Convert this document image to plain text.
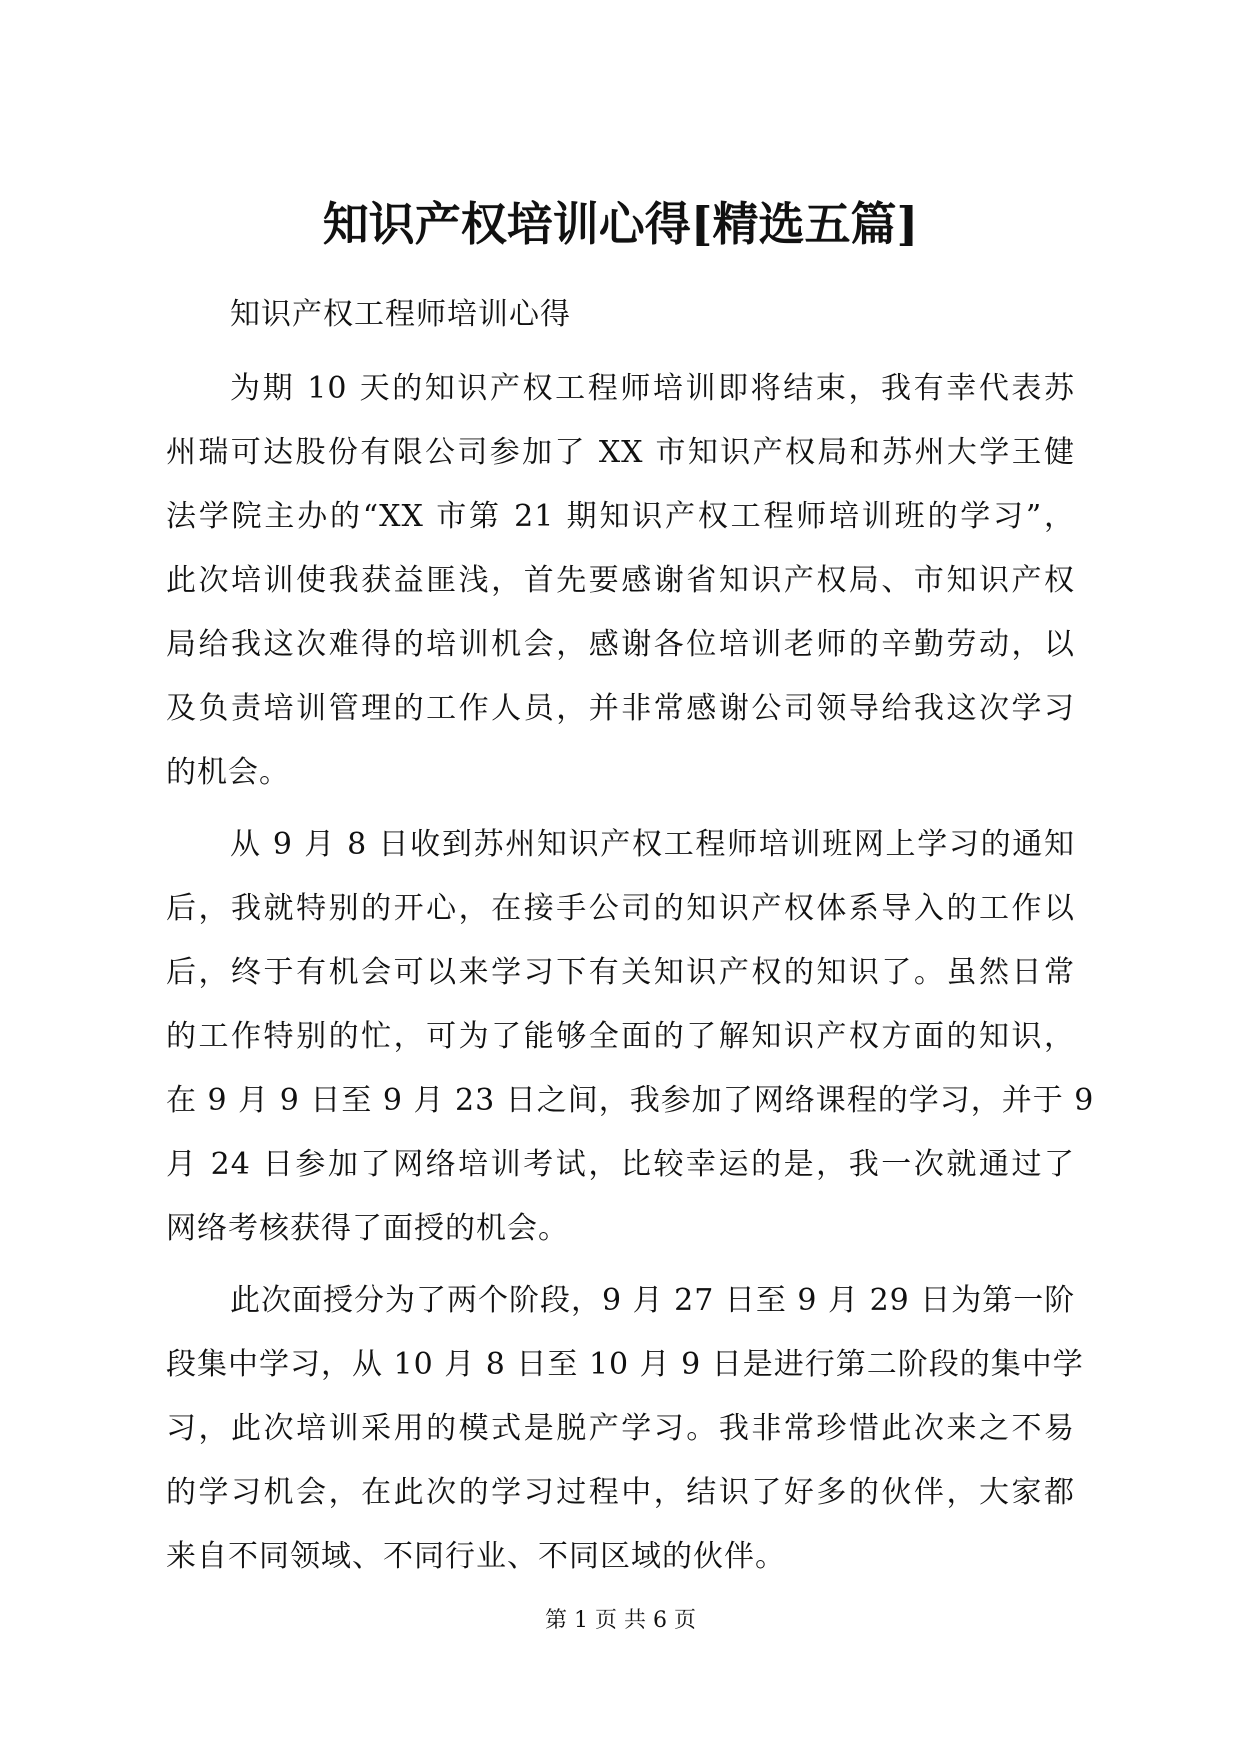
知识产权培训心得[精选五篇]
知识产权工程师培训心得
为期 10 天的知识产权工程师培训即将结束，我有幸代表苏
州瑞可达股份有限公司参加了 XX 市知识产权局和苏州大学王健
法学院主办的“XX 市第 21 期知识产权工程师培训班的学习”，
此次培训使我获益匪浅，首先要感谢省知识产权局、市知识产权
局给我这次难得的培训机会，感谢各位培训老师的辛勤劳动，以
及负责培训管理的工作人员，并非常感谢公司领导给我这次学习
的机会。
从 9 月 8 日收到苏州知识产权工程师培训班网上学习的通知
后，我就特别的开心，在接手公司的知识产权体系导入的工作以
后，终于有机会可以来学习下有关知识产权的知识了。虽然日常
的工作特别的忙，可为了能够全面的了解知识产权方面的知识，
在 9 月 9 日至 9 月 23 日之间，我参加了网络课程的学习，并于 9
月 24 日参加了网络培训考试，比较幸运的是，我一次就通过了
网络考核获得了面授的机会。
此次面授分为了两个阶段，9 月 27 日至 9 月 29 日为第一阶
段集中学习，从 10 月 8 日至 10 月 9 日是进行第二阶段的集中学
习，此次培训采用的模式是脱产学习。我非常珍惜此次来之不易
的学习机会，在此次的学习过程中，结识了好多的伙伴，大家都
来自不同领域、不同行业、不同区域的伙伴。
第 1 页 共 6 页
